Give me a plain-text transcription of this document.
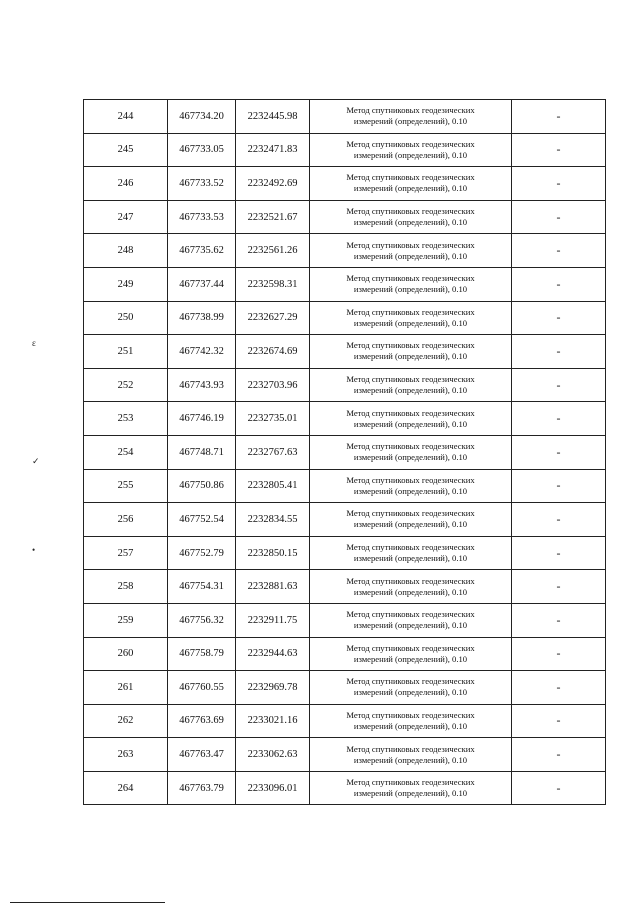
244	467734.20	2232445.98	Метод спутниковых геодезических
измерений (определений), 0.10	-
245	467733.05	2232471.83	Метод спутниковых геодезических
измерений (определений), 0.10	-
246	467733.52	2232492.69	Метод спутниковых геодезических
измерений (определений), 0.10	-
247	467733.53	2232521.67	Метод спутниковых геодезических
измерений (определений), 0.10	-
248	467735.62	2232561.26	Метод спутниковых геодезических
измерений (определений), 0.10	-
249	467737.44	2232598.31	Метод спутниковых геодезических
измерений (определений), 0.10	-
250	467738.99	2232627.29	Метод спутниковых геодезических
измерений (определений), 0.10	-
251	467742.32	2232674.69	Метод спутниковых геодезических
измерений (определений), 0.10	-
252	467743.93	2232703.96	Метод спутниковых геодезических
измерений (определений), 0.10	-
253	467746.19	2232735.01	Метод спутниковых геодезических
измерений (определений), 0.10	-
254	467748.71	2232767.63	Метод спутниковых геодезических
измерений (определений), 0.10	-
255	467750.86	2232805.41	Метод спутниковых геодезических
измерений (определений), 0.10	-
256	467752.54	2232834.55	Метод спутниковых геодезических
измерений (определений), 0.10	-
257	467752.79	2232850.15	Метод спутниковых геодезических
измерений (определений), 0.10	-
258	467754.31	2232881.63	Метод спутниковых геодезических
измерений (определений), 0.10	-
259	467756.32	2232911.75	Метод спутниковых геодезических
измерений (определений), 0.10	-
260	467758.79	2232944.63	Метод спутниковых геодезических
измерений (определений), 0.10	-
261	467760.55	2232969.78	Метод спутниковых геодезических
измерений (определений), 0.10	-
262	467763.69	2233021.16	Метод спутниковых геодезических
измерений (определений), 0.10	-
263	467763.47	2233062.63	Метод спутниковых геодезических
измерений (определений), 0.10	-
264	467763.79	2233096.01	Метод спутниковых геодезических
измерений (определений), 0.10	-
ɛ
✓
•
